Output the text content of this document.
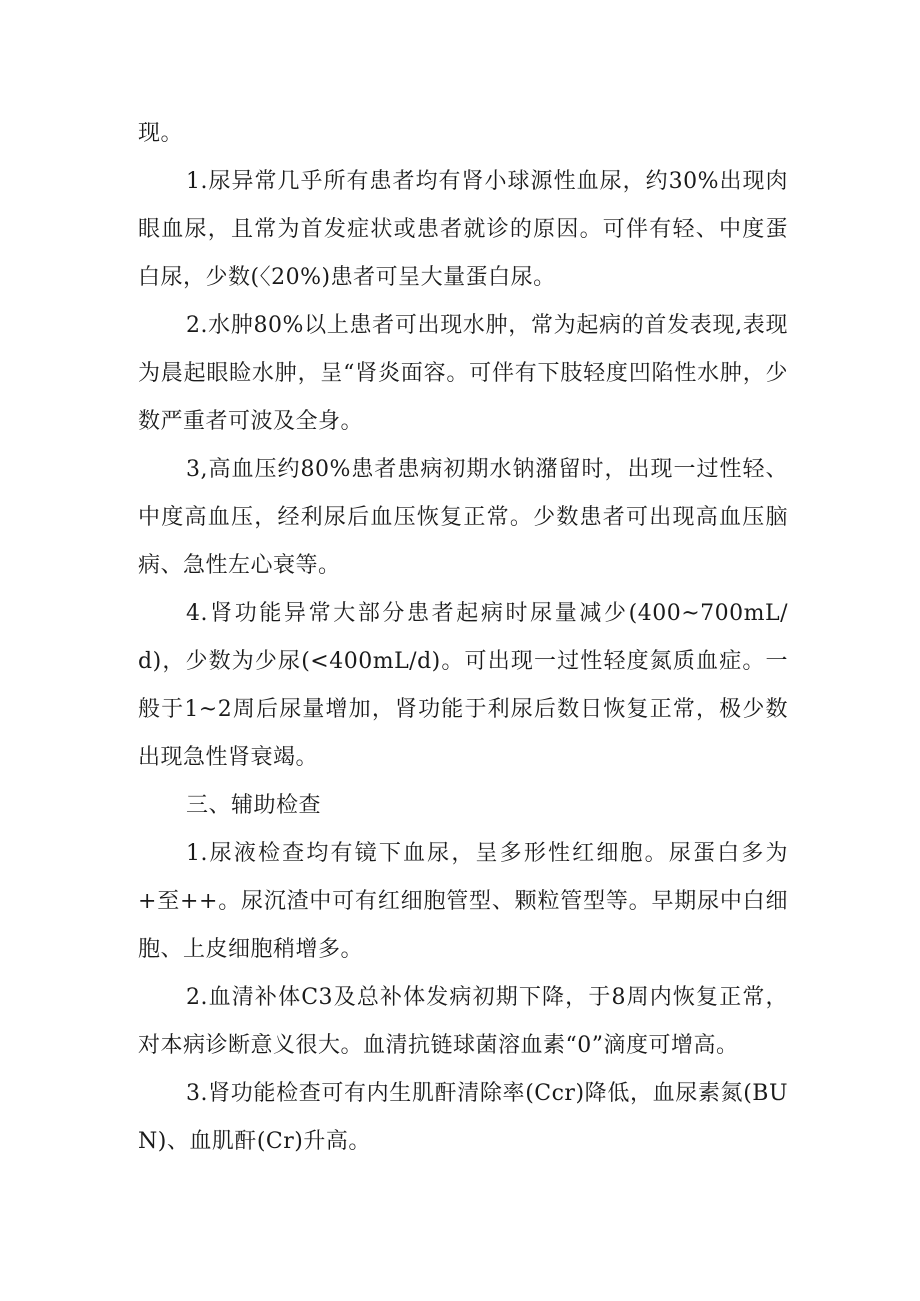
现。

1.尿异常几乎所有患者均有肾小球源性血尿，约30%出现肉眼血尿，且常为首发症状或患者就诊的原因。可伴有轻、中度蛋白尿，少数(〈20%)患者可呈大量蛋白尿。

2.水肿80%以上患者可出现水肿，常为起病的首发表现,表现为晨起眼睑水肿，呈“肾炎面容。可伴有下肢轻度凹陷性水肿，少数严重者可波及全身。

3,高血压约80%患者患病初期水钠潴留时，出现一过性轻、中度高血压，经利尿后血压恢复正常。少数患者可出现高血压脑病、急性左心衰等。

4.肾功能异常大部分患者起病时尿量减少(400~700mL/d)，少数为少尿(<400mL/d)。可出现一过性轻度氮质血症。一般于1~2周后尿量增加，肾功能于利尿后数日恢复正常，极少数出现急性肾衰竭。

三、辅助检查

1.尿液检查均有镜下血尿，呈多形性红细胞。尿蛋白多为+至++。尿沉渣中可有红细胞管型、颗粒管型等。早期尿中白细胞、上皮细胞稍增多。

2.血清补体C3及总补体发病初期下降，于8周内恢复正常，对本病诊断意义很大。血清抗链球菌溶血素“0”滴度可增高。

3.肾功能检查可有内生肌酐清除率(Ccr)降低，血尿素氮(BUN)、血肌酐(Cr)升高。
